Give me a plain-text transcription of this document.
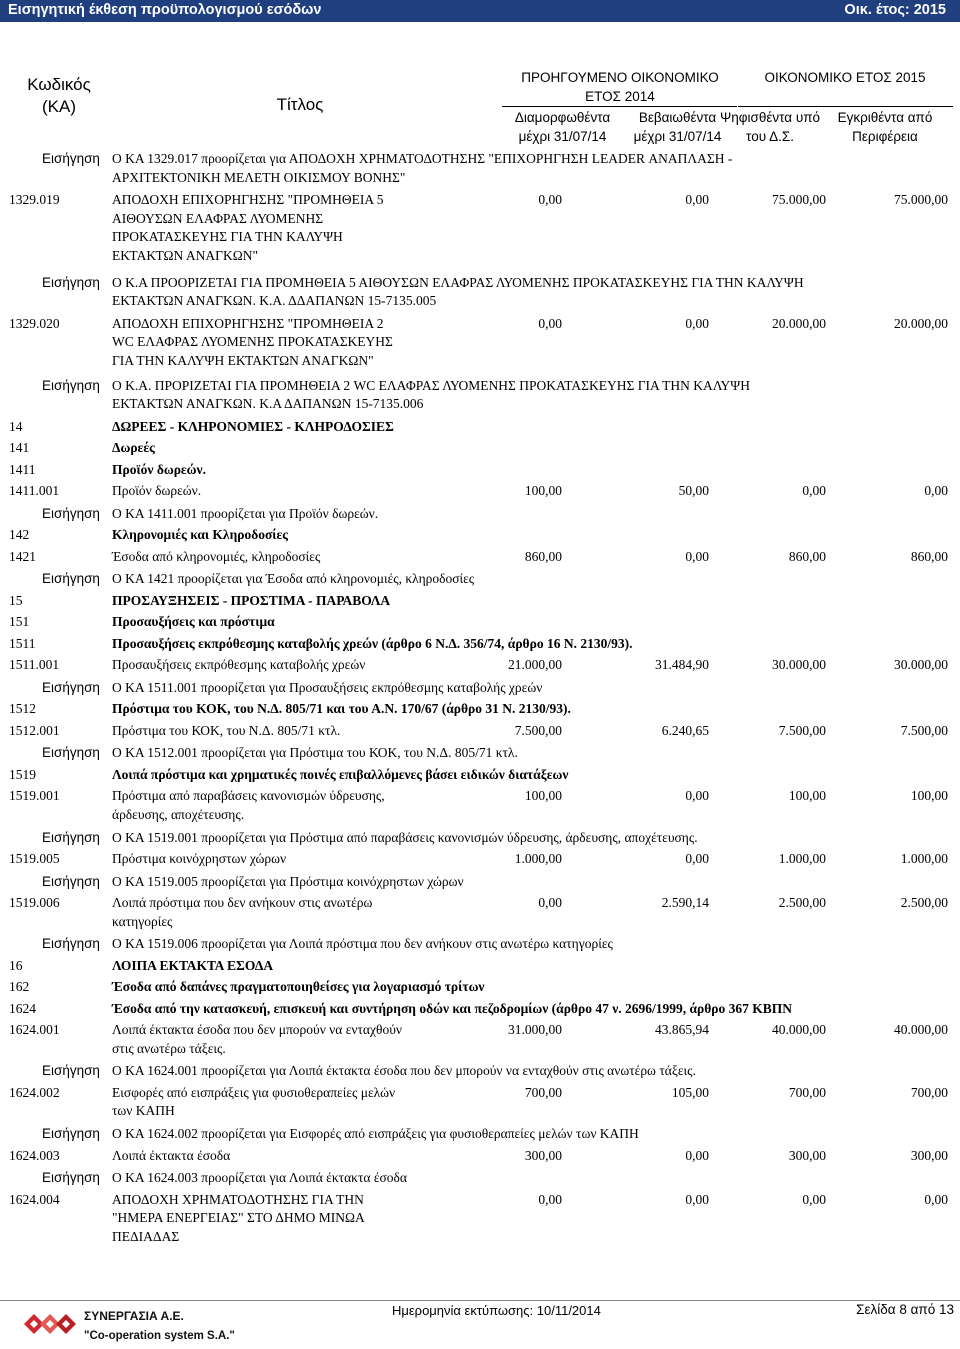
Εισηγητική έκθεση προϋπολογισμού εσόδων	Οικ. έτος: 2015
Κωδικός
(ΚΑ)	Τίτλος
ΠΡΟΗΓΟΥΜΕΝΟ ΟΙΚΟΝΟΜΙΚΟ
ΕΤΟΣ 2014
ΟΙΚΟΝΟΜΙΚΟ ΕΤΟΣ 2015
Διαμορφωθέντα
μέχρι 31/07/14
Βεβαιωθέντα
μέχρι 31/07/14
Ψηφισθέντα υπό
του Δ.Σ.
Εγκριθέντα από
Περιφέρεια
Εισήγηση Ο ΚΑ 1329.017 προορίζεται για ΑΠΟΔΟΧΗ ΧΡΗΜΑΤΟΔΟΤΗΣΗΣ "ΕΠΙΧΟΡΗΓΗΣΗ LEADER ΑΝΑΠΛΑΣΗ -
ΑΡΧΙΤΕΚΤΟΝΙΚΗ ΜΕΛΕΤΗ ΟΙΚΙΣΜΟΥ ΒΟΝΗΣ"
1329.019	ΑΠΟΔΟΧΗ ΕΠΙΧΟΡΗΓΗΣΗΣ "ΠΡΟΜΗΘΕΙΑ 5
ΑΙΘΟΥΣΩΝ ΕΛΑΦΡΑΣ ΛΥΟΜΕΝΗΣ
ΠΡΟΚΑΤΑΣΚΕΥΗΣ ΓΙΑ ΤΗΝ ΚΑΛΥΨΗ
ΕΚΤΑΚΤΩΝ ΑΝΑΓΚΩΝ"
0,00	0,00	75.000,00	75.000,00
Εισήγηση Ο Κ.Α ΠΡΟΟΡΙΖΕΤΑΙ ΓΙΑ ΠΡΟΜΗΘΕΙΑ 5 ΑΙΘΟΥΣΩΝ ΕΛΑΦΡΑΣ ΛΥΟΜΕΝΗΣ ΠΡΟΚΑΤΑΣΚΕΥΗΣ ΓΙΑ ΤΗΝ ΚΑΛΥΨΗ
ΕΚΤΑΚΤΩΝ ΑΝΑΓΚΩΝ. Κ.Α. ΔΔΑΠΑΝΩΝ 15-7135.005
1329.020	ΑΠΟΔΟΧΗ ΕΠΙΧΟΡΗΓΗΣΗΣ "ΠΡΟΜΗΘΕΙΑ 2
WC ΕΛΑΦΡΑΣ ΛΥΟΜΕΝΗΣ ΠΡΟΚΑΤΑΣΚΕΥΗΣ
ΓΙΑ ΤΗΝ ΚΑΛΥΨΗ ΕΚΤΑΚΤΩΝ ΑΝΑΓΚΩΝ"
0,00	0,00	20.000,00	20.000,00
Εισήγηση Ο Κ.Α. ΠΡΟΡΙΖΕΤΑΙ ΓΙΑ ΠΡΟΜΗΘΕΙΑ 2 WC ΕΛΑΦΡΑΣ ΛΥΟΜΕΝΗΣ ΠΡΟΚΑΤΑΣΚΕΥΗΣ ΓΙΑ ΤΗΝ ΚΑΛΥΨΗ
ΕΚΤΑΚΤΩΝ ΑΝΑΓΚΩΝ. Κ.Α ΔΑΠΑΝΩΝ 15-7135.006
14	ΔΩΡΕΕΣ - ΚΛΗΡΟΝΟΜΙΕΣ - ΚΛΗΡΟΔΟΣΙΕΣ
141	Δωρεές
1411	Προϊόν δωρεών.
1411.001	Προϊόν δωρεών.	100,00	50,00	0,00	0,00
Εισήγηση Ο ΚΑ 1411.001 προορίζεται για Προϊόν δωρεών.
142	Κληρονομιές και Κληροδοσίες
1421	Έσοδα από κληρονομιές, κληροδοσίες	860,00	0,00	860,00	860,00
Εισήγηση Ο ΚΑ 1421 προορίζεται για Έσοδα από κληρονομιές, κληροδοσίες
15	ΠΡΟΣΑΥΞΗΣΕΙΣ - ΠΡΟΣΤΙΜΑ - ΠΑΡΑΒΟΛΑ
151	Προσαυξήσεις και πρόστιμα
1511	Προσαυξήσεις εκπρόθεσμης καταβολής χρεών (άρθρο 6 Ν.Δ. 356/74, άρθρο 16 Ν. 2130/93).
1511.001	Προσαυξήσεις εκπρόθεσμης καταβολής χρεών	21.000,00	31.484,90	30.000,00	30.000,00
Εισήγηση Ο ΚΑ 1511.001 προορίζεται για Προσαυξήσεις εκπρόθεσμης καταβολής χρεών
1512	Πρόστιμα του ΚΟΚ, του Ν.Δ. 805/71 και του Α.Ν. 170/67 (άρθρο 31 Ν. 2130/93).
1512.001	Πρόστιμα του ΚΟΚ, του Ν.Δ. 805/71 κτλ.	7.500,00	6.240,65	7.500,00	7.500,00
Εισήγηση Ο ΚΑ 1512.001 προορίζεται για Πρόστιμα του ΚΟΚ, του Ν.Δ. 805/71 κτλ.
1519	Λοιπά πρόστιμα και χρηματικές ποινές επιβαλλόμενες βάσει ειδικών διατάξεων
1519.001	Πρόστιμα από παραβάσεις κανονισμών ύδρευσης,
άρδευσης, αποχέτευσης.
100,00	0,00	100,00	100,00
Εισήγηση Ο ΚΑ 1519.001 προορίζεται για Πρόστιμα από παραβάσεις κανονισμών ύδρευσης, άρδευσης, αποχέτευσης.
1519.005	Πρόστιμα κοινόχρηστων χώρων	1.000,00	0,00	1.000,00	1.000,00
Εισήγηση Ο ΚΑ 1519.005 προορίζεται για Πρόστιμα κοινόχρηστων χώρων
1519.006	Λοιπά πρόστιμα που δεν ανήκουν στις ανωτέρω
κατηγορίες
0,00	2.590,14	2.500,00	2.500,00
Εισήγηση Ο ΚΑ 1519.006 προορίζεται για Λοιπά πρόστιμα που δεν ανήκουν στις ανωτέρω κατηγορίες
16	ΛΟΙΠΑ ΕΚΤΑΚΤΑ ΕΣΟΔΑ
162	Έσοδα από δαπάνες πραγματοποιηθείσες για λογαριασμό τρίτων
1624	Έσοδα από την κατασκευή, επισκευή και συντήρηση οδών και πεζοδρομίων (άρθρο 47 ν. 2696/1999, άρθρο 367 ΚΒΠΝ
1624.001	Λοιπά έκτακτα έσοδα που δεν μπορούν να ενταχθούν
στις ανωτέρω τάξεις.
31.000,00	43.865,94	40.000,00	40.000,00
Εισήγηση Ο ΚΑ 1624.001 προορίζεται για Λοιπά έκτακτα έσοδα που δεν μπορούν να ενταχθούν στις ανωτέρω τάξεις.
1624.002	Εισφορές από εισπράξεις για φυσιοθεραπείες μελών
των ΚΑΠΗ
700,00	105,00	700,00	700,00
Εισήγηση Ο ΚΑ 1624.002 προορίζεται για Εισφορές από εισπράξεις για φυσιοθεραπείες μελών των ΚΑΠΗ
1624.003	Λοιπά έκτακτα έσοδα	300,00	0,00	300,00	300,00
Εισήγηση Ο ΚΑ 1624.003 προορίζεται για Λοιπά έκτακτα έσοδα
1624.004	ΑΠΟΔΟΧΗ ΧΡΗΜΑΤΟΔΟΤΗΣΗΣ ΓΙΑ ΤΗΝ
"ΗΜΕΡΑ ΕΝΕΡΓΕΙΑΣ" ΣΤΟ ΔΗΜΟ ΜΙΝΩΑ
ΠΕΔΙΑΔΑΣ
0,00	0,00	0,00	0,00
ΣΥΝΕΡΓΑΣΙΑ Α.Ε.
"Co-operation system S.A."
Ημερομηνία εκτύπωσης: 10/11/2014	Σελίδα 8 από 13
